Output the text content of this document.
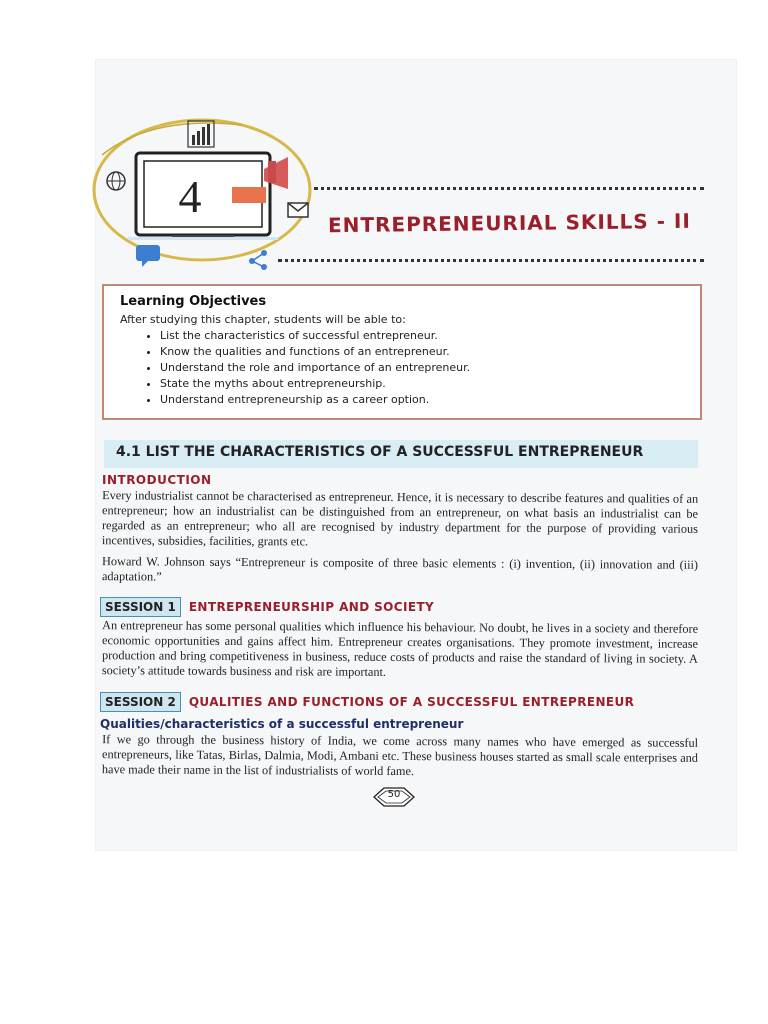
4
ENTREPRENEURIAL SKILLS - II
Learning Objectives
After studying this chapter, students will be able to:
• List the characteristics of successful entrepreneur.
• Know the qualities and functions of an entrepreneur.
• Understand the role and importance of an entrepreneur.
• State the myths about entrepreneurship.
• Understand entrepreneurship as a career option.
4.1 LIST THE CHARACTERISTICS OF A SUCCESSFUL ENTREPRENEUR
INTRODUCTION
Every industrialist cannot be characterised as entrepreneur. Hence, it is necessary to describe features and qualities of an entrepreneur; how an industrialist can be distinguished from an entrepreneur, on what basis an industrialist can be regarded as an entrepreneur; who all are recognised by industry department for the purpose of providing various incentives, subsidies, facilities, grants etc.
Howard W. Johnson says “Entrepreneur is composite of three basic elements : (i) invention, (ii) innovation and (iii) adaptation.”
SESSION 1 ENTREPRENEURSHIP AND SOCIETY
An entrepreneur has some personal qualities which influence his behaviour. No doubt, he lives in a society and therefore economic opportunities and gains affect him. Entrepreneur creates organisations. They promote investment, increase production and bring competitiveness in business, reduce costs of products and raise the standard of living in society. A society’s attitude towards business and risk are important.
SESSION 2 QUALITIES AND FUNCTIONS OF A SUCCESSFUL ENTREPRENEUR
Qualities/characteristics of a successful entrepreneur
If we go through the business history of India, we come across many names who have emerged as successful entrepreneurs, like Tatas, Birlas, Dalmia, Modi, Ambani etc. These business houses started as small scale enterprises and have made their name in the list of industrialists of world fame.
50
